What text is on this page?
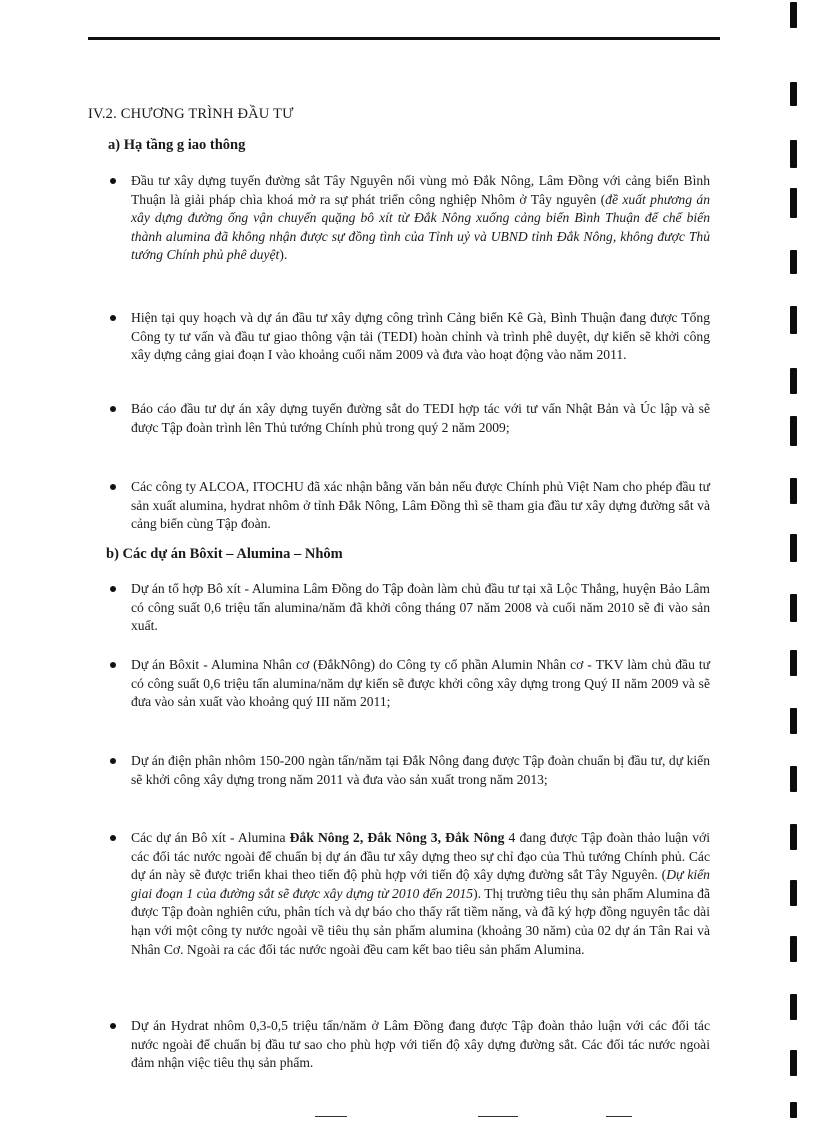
IV.2. CHƯƠNG TRÌNH ĐẦU TƯ
a) Hạ tầng g iao thông

Đầu tư xây dựng tuyến đường sắt Tây Nguyên nối vùng mỏ Đắk Nông, Lâm Đồng với cảng biển Bình Thuận là giải pháp chìa khoá mở ra sự phát triển công nghiệp Nhôm ở Tây nguyên (đề xuất phương án xây dựng đường ống vận chuyển quặng bô xít từ Đắk Nông xuống cảng biển Bình Thuận để chế biến thành alumina đã không nhận được sự đồng tình của Tỉnh uỷ và UBND tỉnh Đắk Nông, không được Thủ tướng Chính phủ phê duyệt).

Hiện tại quy hoạch và dự án đầu tư xây dựng công trình Cảng biển Kê Gà, Bình Thuận đang được Tổng Công ty tư vấn và đầu tư giao thông vận tải (TEDI) hoàn chỉnh và trình phê duyệt, dự kiến sẽ khởi công xây dựng cảng giai đoạn I vào khoảng cuối năm 2009 và đưa vào hoạt động vào năm 2011.

Báo cáo đầu tư dự án xây dựng tuyến đường sắt do TEDI hợp tác với tư vấn Nhật Bản và Úc lập và sẽ được Tập đoàn trình lên Thủ tướng Chính phủ trong quý 2 năm 2009;

Các công ty ALCOA, ITOCHU đã xác nhận bằng văn bản nếu được Chính phủ Việt Nam cho phép đầu tư sản xuất alumina, hydrat nhôm ở tỉnh Đắk Nông, Lâm Đồng thì sẽ tham gia đầu tư xây dựng đường sắt và cảng biển cùng Tập đoàn.

b) Các dự án Bôxit – Alumina – Nhôm

Dự án tổ hợp Bô xít - Alumina Lâm Đồng do Tập đoàn làm chủ đầu tư tại xã Lộc Thắng, huyện Bảo Lâm có công suất 0,6 triệu tấn alumina/năm đã khởi công tháng 07 năm 2008 và cuối năm 2010 sẽ đi vào sản xuất.

Dự án Bôxit - Alumina Nhân cơ (ĐắkNông) do Công ty cổ phần Alumin Nhân cơ - TKV làm chủ đầu tư có công suất 0,6 triệu tấn alumina/năm dự kiến sẽ được khởi công xây dựng trong Quý II năm 2009 và sẽ đưa vào sản xuất vào khoảng quý III năm 2011;

Dự án điện phân nhôm 150-200 ngàn tấn/năm tại Đắk Nông đang được Tập đoàn chuẩn bị đầu tư, dự kiến sẽ khởi công xây dựng trong năm 2011 và đưa vào sản xuất trong năm 2013;

Các dự án Bô xít - Alumina Đắk Nông 2, Đắk Nông 3, Đắk Nông 4 đang được Tập đoàn thảo luận với các đối tác nước ngoài để chuẩn bị dự án đầu tư xây dựng theo sự chỉ đạo của Thủ tướng Chính phủ. Các dự án này sẽ được triển khai theo tiến độ phù hợp với tiến độ xây dựng đường sắt Tây Nguyên. (Dự kiến giai đoạn 1 của đường sắt sẽ được xây dựng từ 2010 đến 2015). Thị trường tiêu thụ sản phẩm Alumina đã được Tập đoàn nghiên cứu, phân tích và dự báo cho thấy rất tiềm năng, và đã ký hợp đồng nguyên tắc dài hạn với một công ty nước ngoài về tiêu thụ sản phẩm alumina (khoảng 30 năm) của 02 dự án Tân Rai và Nhân Cơ. Ngoài ra các đối tác nước ngoài đều cam kết bao tiêu sản phẩm Alumina.

Dự án Hydrat nhôm 0,3-0,5 triệu tấn/năm ở Lâm Đồng đang được Tập đoàn thảo luận với các đối tác nước ngoài để chuẩn bị đầu tư sao cho phù hợp với tiến độ xây dựng đường sắt. Các đối tác nước ngoài đảm nhận việc tiêu thụ sản phẩm.
